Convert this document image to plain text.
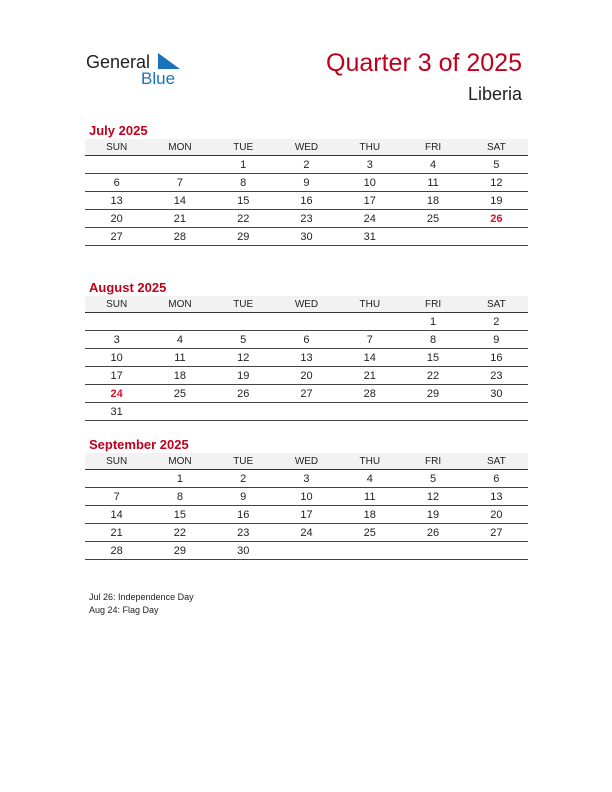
General
Blue
Quarter 3 of 2025
Liberia
July 2025
SUN	MON	TUE	WED	THU	FRI	SAT
		1	2	3	4	5
6	7	8	9	10	11	12
13	14	15	16	17	18	19
20	21	22	23	24	25	26
27	28	29	30	31		
August 2025
SUN	MON	TUE	WED	THU	FRI	SAT
					1	2
3	4	5	6	7	8	9
10	11	12	13	14	15	16
17	18	19	20	21	22	23
24	25	26	27	28	29	30
31						
September 2025
SUN	MON	TUE	WED	THU	FRI	SAT
	1	2	3	4	5	6
7	8	9	10	11	12	13
14	15	16	17	18	19	20
21	22	23	24	25	26	27
28	29	30				
Jul 26: Independence Day
Aug 24: Flag Day
